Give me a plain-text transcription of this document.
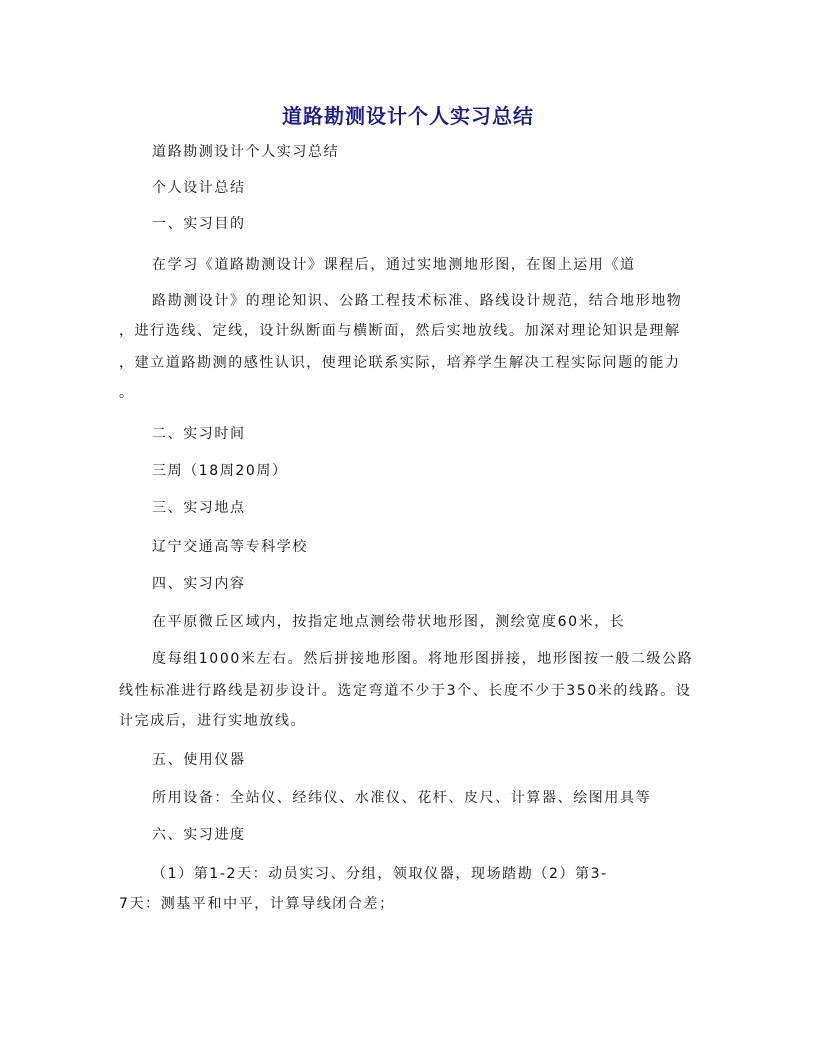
道路勘测设计个人实习总结
道路勘测设计个人实习总结
个人设计总结
一、实习目的
在学习《道路勘测设计》课程后，通过实地测地形图，在图上运用《道
路勘测设计》的理论知识、公路工程技术标准、路线设计规范，结合地形地物
，进行选线、定线，设计纵断面与横断面，然后实地放线。加深对理论知识是理解
，建立道路勘测的感性认识，使理论联系实际，培养学生解决工程实际问题的能力
。
二、实习时间
三周（18周20周）
三、实习地点
辽宁交通高等专科学校
四、实习内容
在平原微丘区域内，按指定地点测绘带状地形图，测绘宽度60米，长
度每组1000米左右。然后拼接地形图。将地形图拼接，地形图按一般二级公路
线性标准进行路线是初步设计。选定弯道不少于3个、长度不少于350米的线路。设
计完成后，进行实地放线。
五、使用仪器
所用设备：全站仪、经纬仪、水准仪、花杆、皮尺、计算器、绘图用具等
六、实习进度
（1）第1-2天：动员实习、分组，领取仪器，现场踏勘（2）第3-
7天：测基平和中平，计算导线闭合差；
